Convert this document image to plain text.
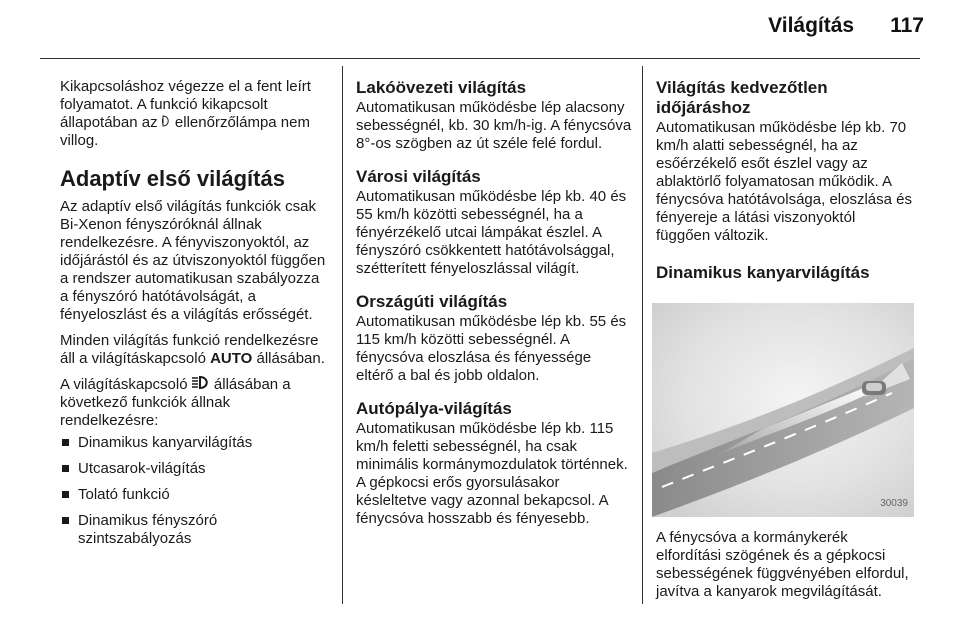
Világítás 117

Kikapcsoláshoz végezze el a fent leírt folyamatot. A funkció kikapcsolt állapotában az  ellenőrzőlámpa nem villog.

Adaptív első világítás

Az adaptív első világítás funkciók csak Bi-Xenon fényszóróknál állnak rendelkezésre. A fényviszonyoktól, az időjárástól és az útviszonyoktól függően a rendszer automatikusan szabályozza a fényszóró hatótávolságát, a fényeloszlást és a világítás erősségét.

Minden világítás funkció rendelkezésre áll a világításkapcsoló AUTO állásában.

A világításkapcsoló  állásában a következő funkciók állnak rendelkezésre:

Dinamikus kanyarvilágítás
Utcasarok-világítás
Tolató funkció
Dinamikus fényszóró szintszabályozás
Lakóövezeti világítás
Automatikusan működésbe lép alacsony sebességnél, kb. 30 km/h-ig. A fénycsóva 8°-os szögben az út széle felé fordul.
Városi világítás
Automatikusan működésbe lép kb. 40 és 55 km/h közötti sebességnél, ha a fényérzékelő utcai lámpákat észlel. A fényszóró csökkentett hatótávolsággal, szétterített fényeloszlással világít.
Országúti világítás
Automatikusan működésbe lép kb. 55 és 115 km/h közötti sebességnél. A fénycsóva eloszlása és fényessége eltérő a bal és jobb oldalon.
Autópálya-világítás
Automatikusan működésbe lép kb. 115 km/h feletti sebességnél, ha csak minimális kormánymozdulatok történnek. A gépkocsi erős gyorsulásakor késleltetve vagy azonnal bekapcsol. A fénycsóva hosszabb és fényesebb.
Világítás kedvezőtlen időjáráshoz
Automatikusan működésbe lép kb. 70 km/h alatti sebességnél, ha az esőérzékelő esőt észlel vagy az ablaktörlő folyamatosan működik. A fénycsóva hatótávolsága, eloszlása és fényereje a látási viszonyoktól függően változik.
Dinamikus kanyarvilágítás
30039
A fénycsóva a kormánykerék elfordítási szögének és a gépkocsi sebességének függvényében elfordul, javítva a kanyarok megvilágítását.
